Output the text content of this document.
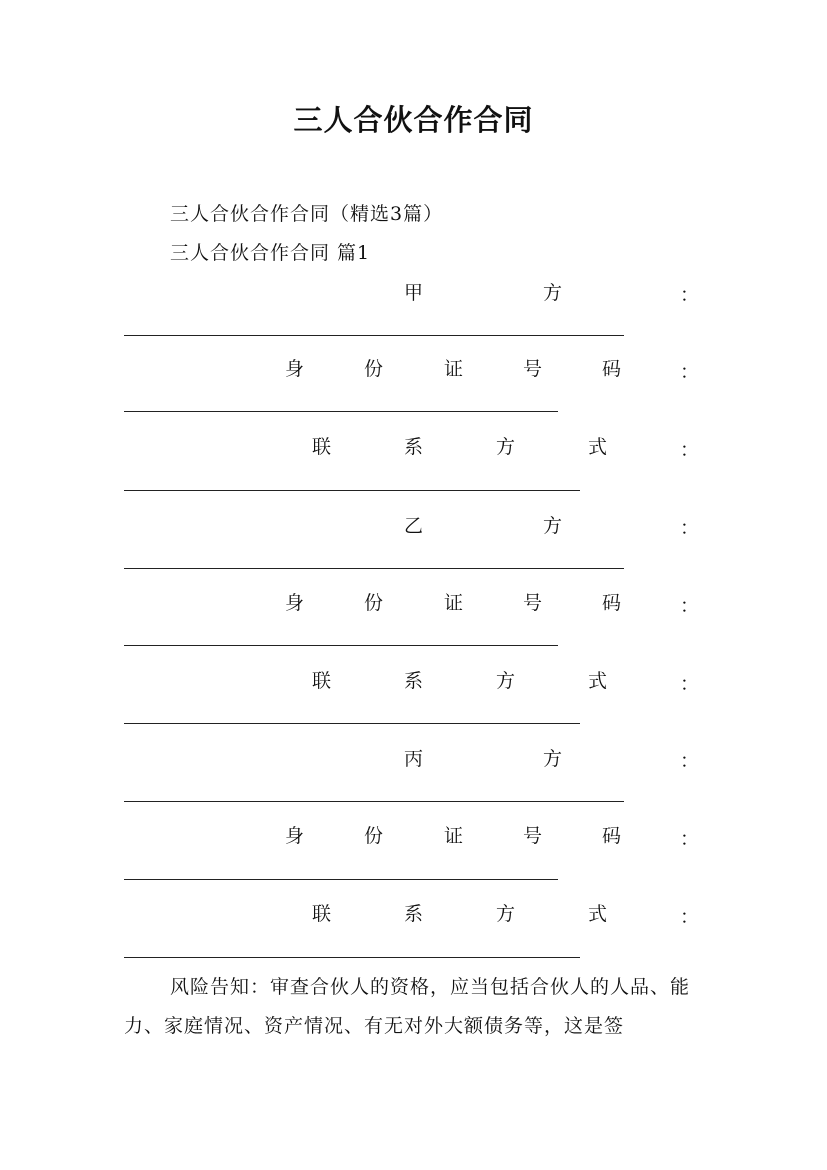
三人合伙合作合同
三人合伙合作合同（精选3篇）
三人合伙合作合同 篇1
甲	方	：
身	份	证	号	码	：
联	系	方	式	：
乙	方	：
身	份	证	号	码	：
联	系	方	式	：
丙	方	：
身	份	证	号	码	：
联	系	方	式	：
风险告知：审查合伙人的资格，应当包括合伙人的人品、能力、家庭情况、资产情况、有无对外大额债务等，这是签
